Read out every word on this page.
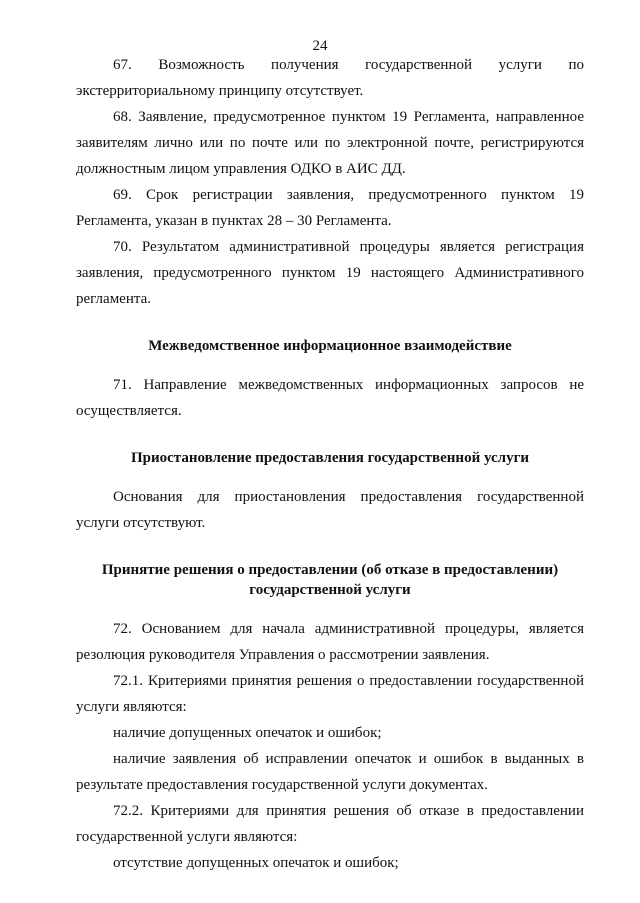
24

67. Возможность получения государственной услуги по экстерриториальному принципу отсутствует.

68. Заявление, предусмотренное пунктом 19 Регламента, направленное заявителям лично или по почте или по электронной почте, регистрируются должностным лицом управления ОДКО в АИС ДД.

69. Срок регистрации заявления, предусмотренного пунктом 19 Регламента, указан в пунктах 28 – 30 Регламента.

70. Результатом административной процедуры является регистрация заявления, предусмотренного пунктом 19 настоящего Административного регламента.

Межведомственное информационное взаимодействие

71. Направление межведомственных информационных запросов не осуществляется.

Приостановление предоставления государственной услуги

Основания для приостановления предоставления государственной услуги отсутствуют.

Принятие решения о предоставлении (об отказе в предоставлении)
государственной услуги

72. Основанием для начала административной процедуры, является резолюция руководителя Управления о рассмотрении заявления.

72.1. Критериями принятия решения о предоставлении государственной услуги являются:

наличие допущенных опечаток и ошибок;

наличие заявления об исправлении опечаток и ошибок в выданных в результате предоставления государственной услуги документах.

72.2. Критериями для принятия решения об отказе в предоставлении государственной услуги являются:

отсутствие допущенных опечаток и ошибок;
